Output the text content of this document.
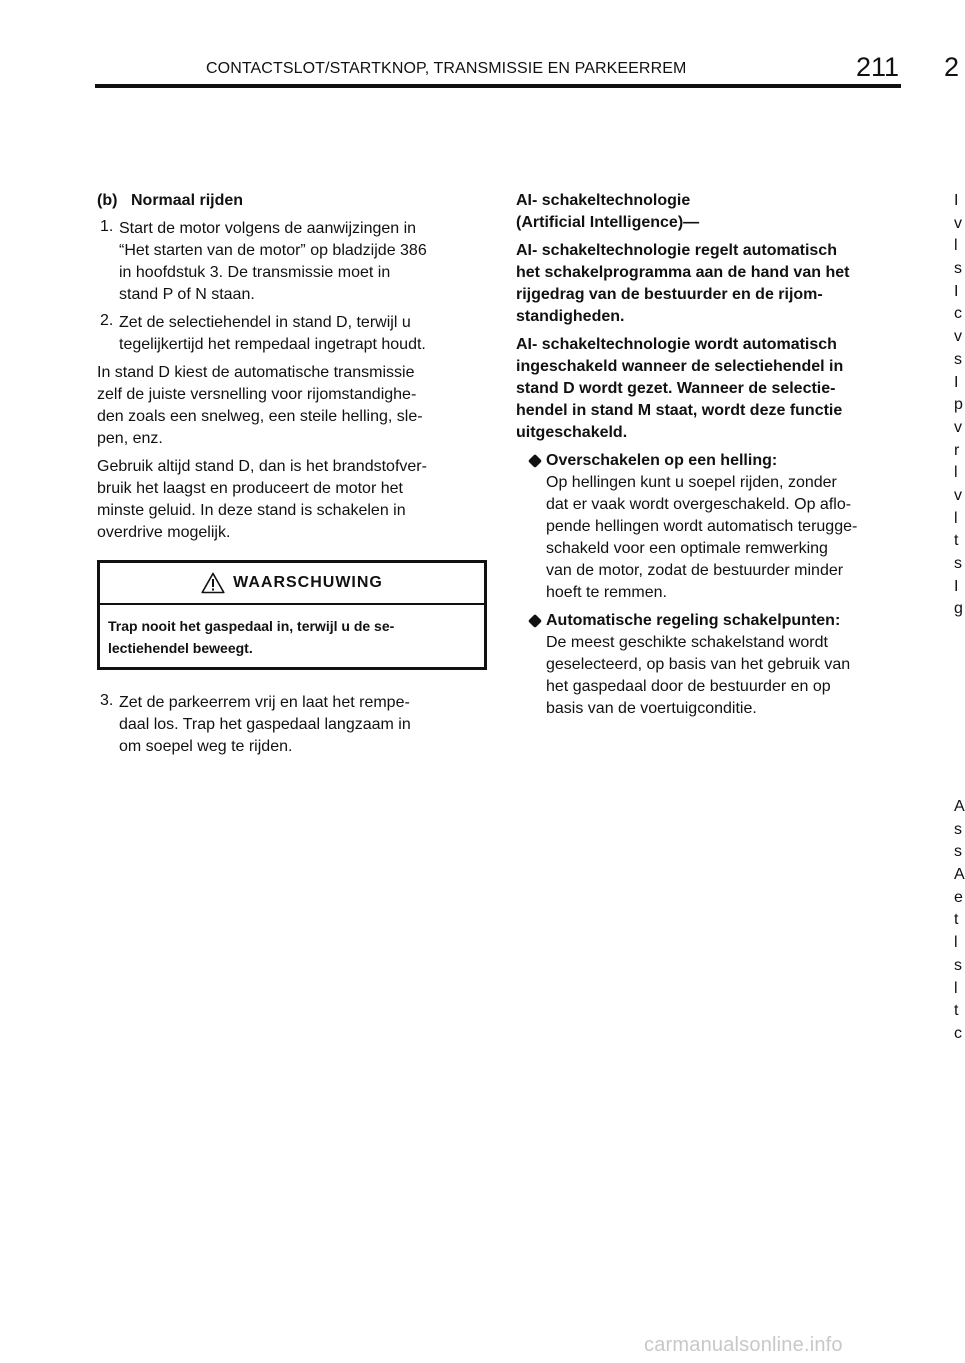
CONTACTSLOT/STARTKNOP, TRANSMISSIE EN PARKEERREM	211 2
(b) Normaal rijden
1. Start de motor volgens de aanwijzingen in

“Het starten van de motor” op bladzijde 386

in hoofdstuk 3. De transmissie moet in

stand P of N staan.

2. Zet de selectiehendel in stand D, terwijl u

tegelijkertijd het rempedaal ingetrapt houdt.

In stand D kiest de automatische transmissie

zelf de juiste versnelling voor rijomstandighe-

den zoals een snelweg, een steile helling, sle-

pen, enz.

Gebruik altijd stand D, dan is het brandstofver-

bruik het laagst en produceert de motor het

minste geluid. In deze stand is schakelen in

overdrive mogelijk.

WAARSCHUWING
Trap nooit het gaspedaal in, terwijl u de se-
lectiehendel beweegt.
3. Zet de parkeerrem vrij en laat het rempe-

daal los. Trap het gaspedaal langzaam in

om soepel weg te rijden.

AI- schakeltechnologie

(Artificial Intelligence)—

AI- schakeltechnologie regelt automatisch

het schakelprogramma aan de hand van het

rijgedrag van de bestuurder en de rijom-

standigheden.

AI- schakeltechnologie wordt automatisch

ingeschakeld wanneer de selectiehendel in

stand D wordt gezet. Wanneer de selectie-

hendel in stand M staat, wordt deze functie

uitgeschakeld.

Overschakelen op een helling:

Op hellingen kunt u soepel rijden, zonder

dat er vaak wordt overgeschakeld. Op aflo-

pende hellingen wordt automatisch terugge-

schakeld voor een optimale remwerking

van de motor, zodat de bestuurder minder

hoeft te remmen.

Automatische regeling schakelpunten:

De meest geschikte schakelstand wordt

geselecteerd, op basis van het gebruik van

het gaspedaal door de bestuurder en op

basis van de voertuigconditie.

I
v
l
s
I
c
v
s
I
p
v
r
l
v
l
t
s
I
g
A
s
s
A
e
t
l
s
l
t
c
carmanualsonline.info
